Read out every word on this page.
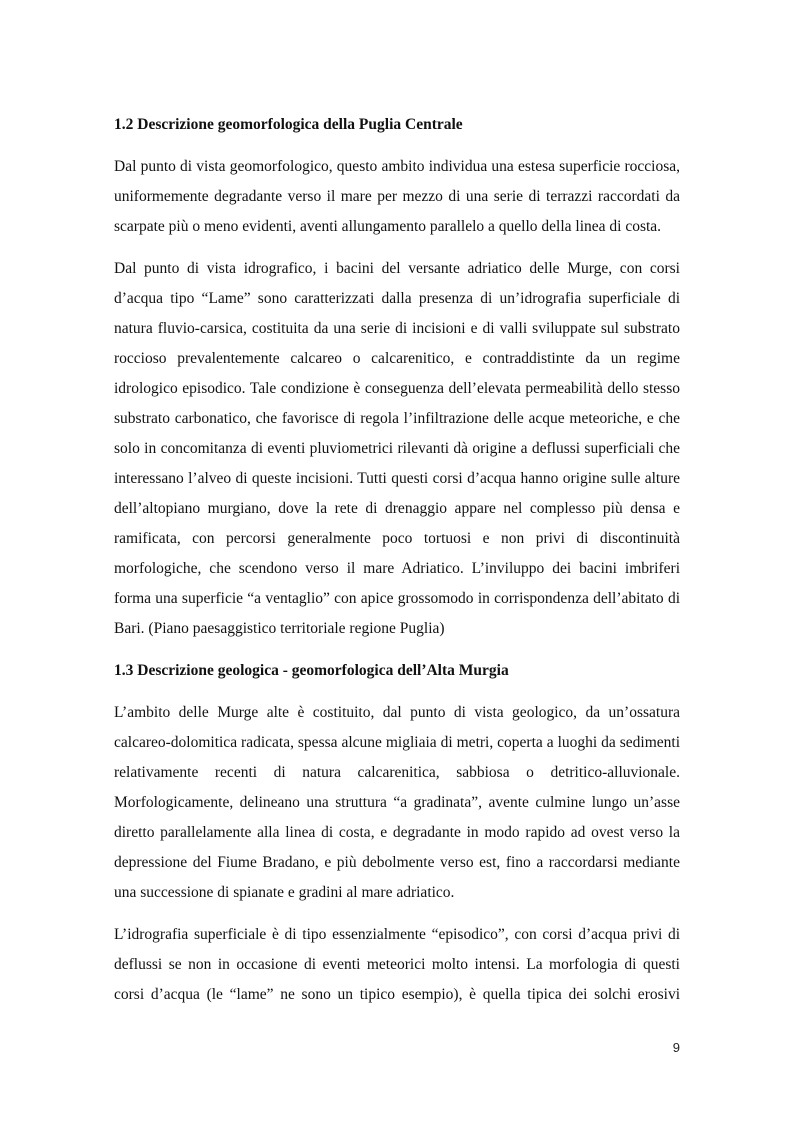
1.2 Descrizione geomorfologica della Puglia Centrale

Dal punto di vista geomorfologico, questo ambito individua una estesa superficie rocciosa, uniformemente degradante verso il mare per mezzo di una serie di terrazzi raccordati da scarpate più o meno evidenti, aventi allungamento parallelo a quello della linea di costa.

Dal punto di vista idrografico, i bacini del versante adriatico delle Murge, con corsi d’acqua tipo “Lame” sono caratterizzati dalla presenza di un’idrografia superficiale di natura fluvio-carsica, costituita da una serie di incisioni e di valli sviluppate sul substrato roccioso prevalentemente calcareo o calcarenitico, e contraddistinte da un regime idrologico episodico. Tale condizione è conseguenza dell’elevata permeabilità dello stesso substrato carbonatico, che favorisce di regola l’infiltrazione delle acque meteoriche, e che solo in concomitanza di eventi pluviometrici rilevanti dà origine a deflussi superficiali che interessano l’alveo di queste incisioni. Tutti questi corsi d’acqua hanno origine sulle alture dell’altopiano murgiano, dove la rete di drenaggio appare nel complesso più densa e ramificata, con percorsi generalmente poco tortuosi e non privi di discontinuità morfologiche, che scendono verso il mare Adriatico. L’inviluppo dei bacini imbriferi forma una superficie “a ventaglio” con apice grossomodo in corrispondenza dell’abitato di Bari. (Piano paesaggistico territoriale regione Puglia)

1.3 Descrizione geologica - geomorfologica dell’Alta Murgia

L’ambito delle Murge alte è costituito, dal punto di vista geologico, da un’ossatura calcareo-dolomitica radicata, spessa alcune migliaia di metri, coperta a luoghi da sedimenti relativamente recenti di natura calcarenitica, sabbiosa o detritico-alluvionale. Morfologicamente, delineano una struttura “a gradinata”, avente culmine lungo un’asse diretto parallelamente alla linea di costa, e degradante in modo rapido ad ovest verso la depressione del Fiume Bradano, e più debolmente verso est, fino a raccordarsi mediante una successione di spianate e gradini al mare adriatico.

L’idrografia superficiale è di tipo essenzialmente “episodico”, con corsi d’acqua privi di deflussi se non in occasione di eventi meteorici molto intensi. La morfologia di questi corsi d’acqua (le “lame” ne sono un tipico esempio), è quella tipica dei solchi erosivi

9
